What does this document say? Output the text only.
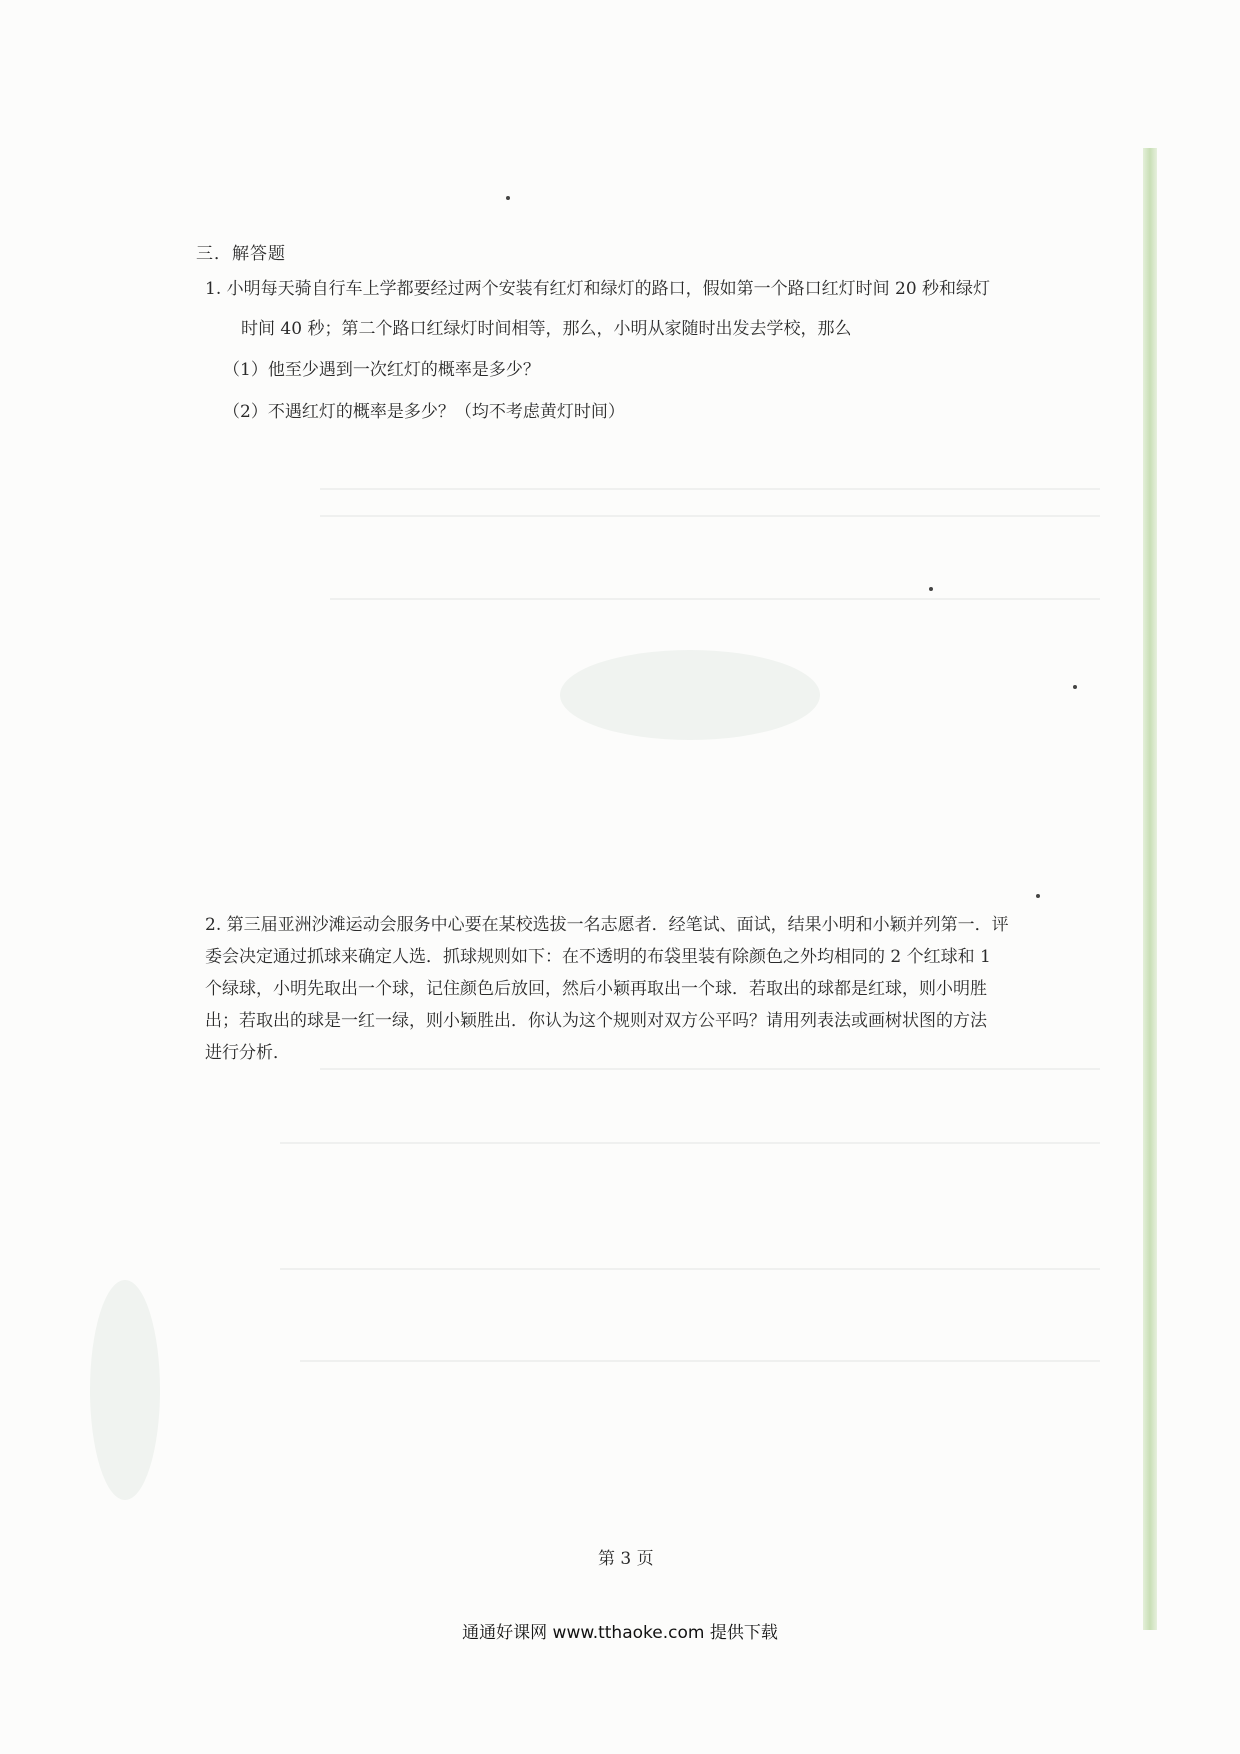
三．解答题
1. 小明每天骑自行车上学都要经过两个安装有红灯和绿灯的路口，假如第一个路口红灯时间 20 秒和绿灯
时间 40 秒；第二个路口红绿灯时间相等，那么，小明从家随时出发去学校，那么
（1）他至少遇到一次红灯的概率是多少？
（2）不遇红灯的概率是多少？（均不考虑黄灯时间）
2. 第三届亚洲沙滩运动会服务中心要在某校选拔一名志愿者．经笔试、面试，结果小明和小颖并列第一．评
委会决定通过抓球来确定人选．抓球规则如下：在不透明的布袋里装有除颜色之外均相同的 2 个红球和 1
个绿球，小明先取出一个球，记住颜色后放回，然后小颖再取出一个球．若取出的球都是红球，则小明胜
出；若取出的球是一红一绿，则小颖胜出．你认为这个规则对双方公平吗？请用列表法或画树状图的方法
进行分析．
第 3 页
通通好课网 www.tthaoke.com 提供下载
